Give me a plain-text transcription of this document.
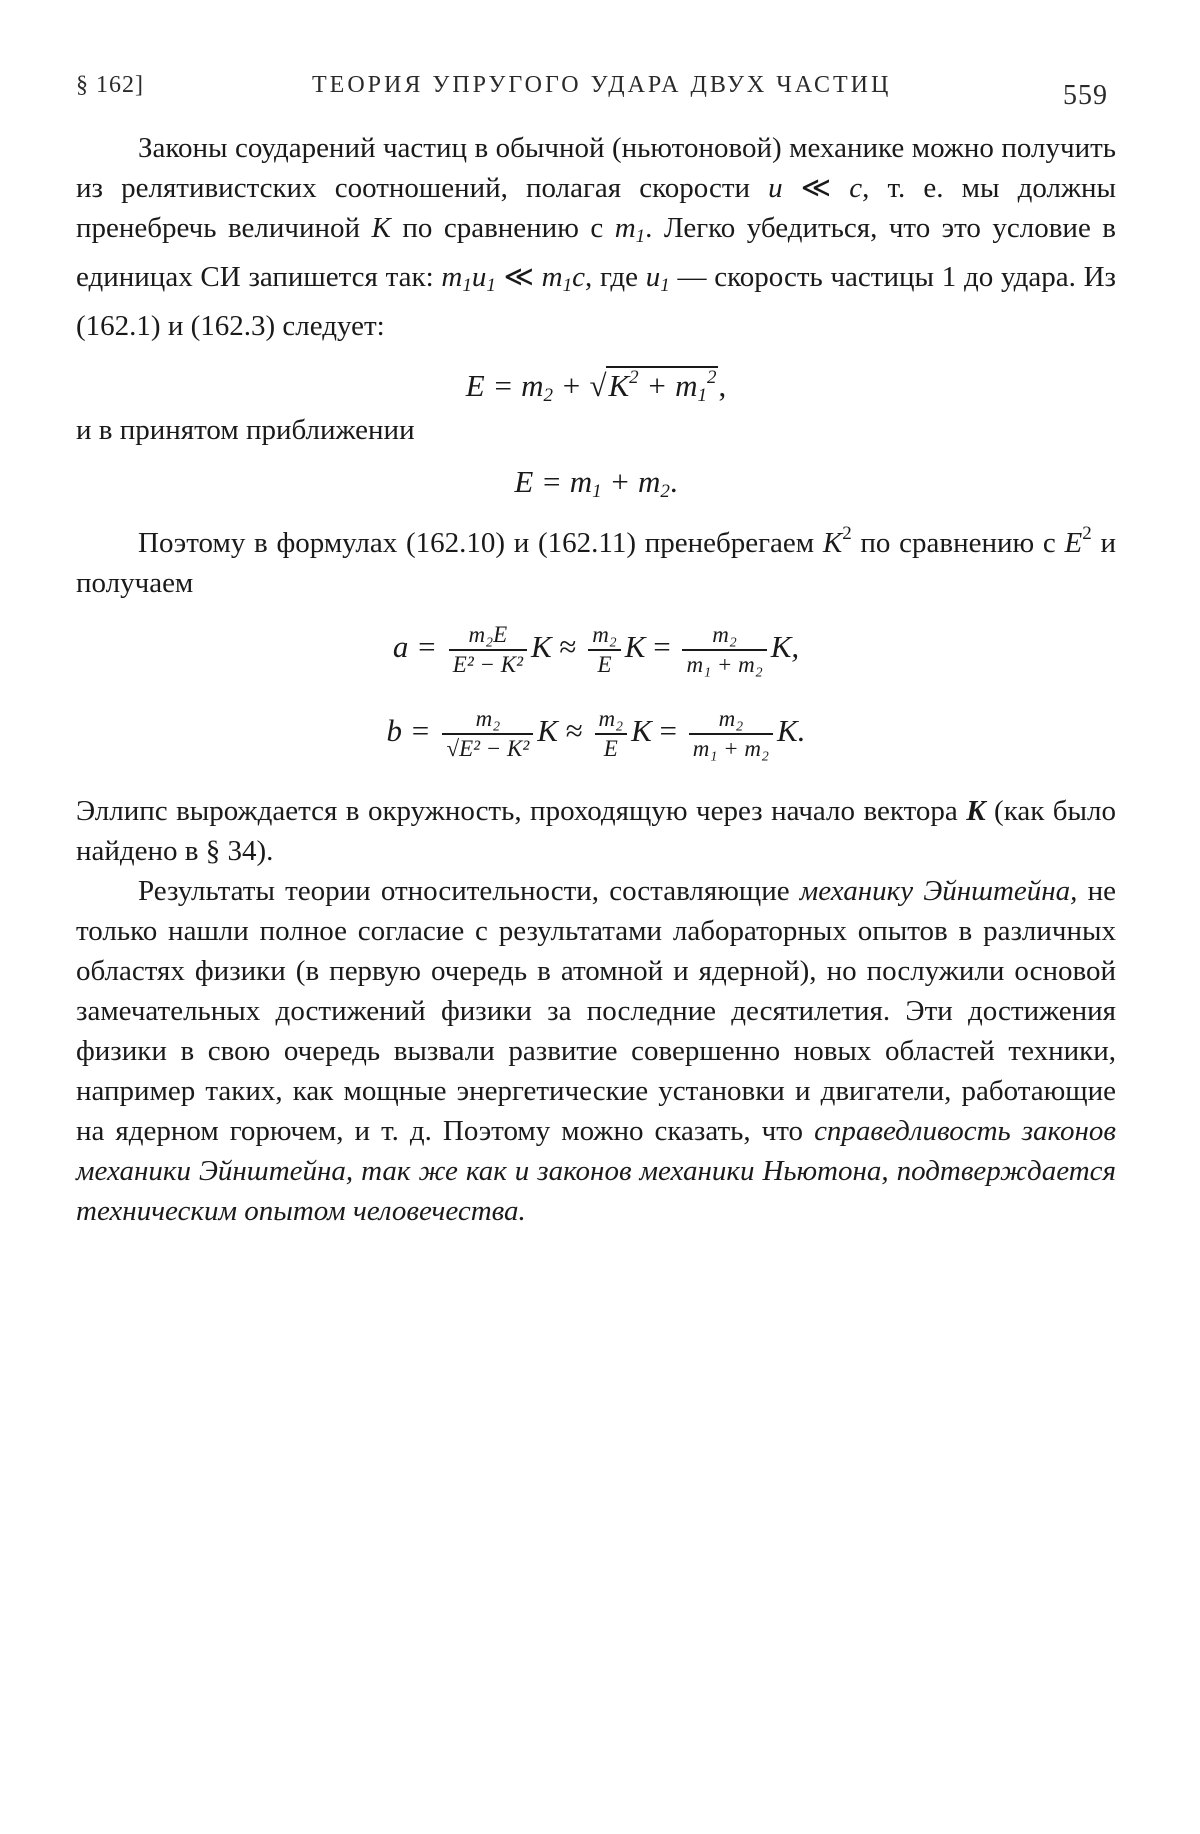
§ 162]	ТЕОРИЯ УПРУГОГО УДАРА ДВУХ ЧАСТИЦ	559

Законы соударений частиц в обычной (ньютоновой) механике можно получить из релятивистских соотношений, полагая скорости u ≪ c, т. е. мы должны пренебречь величиной K по сравнению с $m_1$. Легко убедиться, что это условие в единицах СИ запишется так: $m_1u_1$ ≪ $m_1c$, где $u_1$ — скорость частицы 1 до удара. Из (162.1) и (162.3) следует:

$E = m_2 + √K^2 + m_1^2$,

и в принятом приближении

$E = m_1 + m_2$.

Поэтому в формулах (162.10) и (162.11) пренебрегаем $K^2$ по сравнению с $E^2$ и получаем

$a = \frac{\text{m₂E}}{\text{E² − K²}}$ $K \approx \frac{\text{m₂}}{E}$ $K = \frac{\text{m₂}}{\text{m₁ + m₂}} K$,
$b = \frac{\text{m₂}}{\text{√E² − K²}}$ $K \approx \frac{\text{m₂}}{E}$ $K = \frac{\text{m₂}}{\text{m₁ + m₂}} K$.

Эллипс вырождается в окружность, проходящую через начало вектора K (как было найдено в § 34).

Результаты теории относительности, составляющие механику Эйнштейна, не только нашли полное согласие с результатами лабораторных опытов в различных областях физики (в первую очередь в атомной и ядерной), но послужили основой замечательных достижений физики за последние десятилетия. Эти достижения физики в свою очередь вызвали развитие совершенно новых областей техники, например таких, как мощные энергетические установки и двигатели, работающие на ядерном горючем, и т. д. Поэтому можно сказать, что справедливость законов механики Эйнштейна, так же как и законов механики Ньютона, подтверждается техническим опытом человечества.
